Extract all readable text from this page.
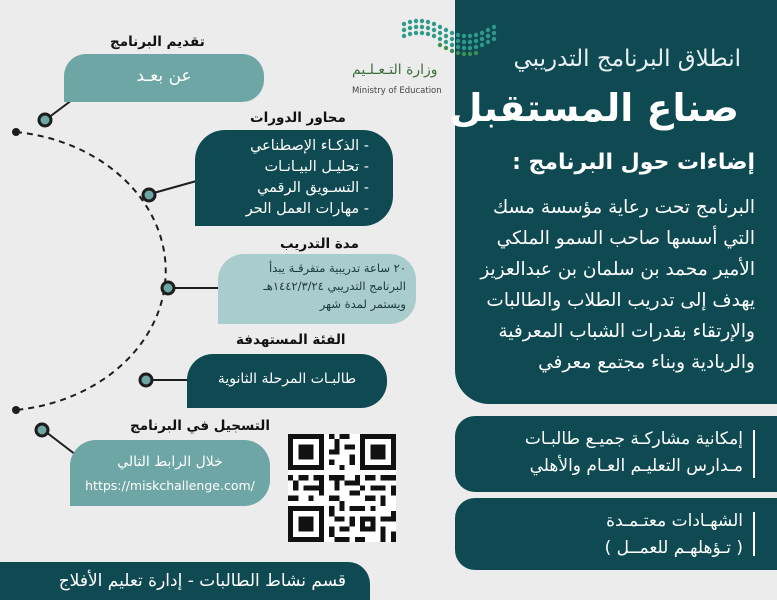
انطلاق البرنامج التدريبي
صناع المستقبل
إضاءات حول البرنامج :
البرنامج تحت رعاية مؤسسة مسك
التي أسسها صاحب السمو الملكي
الأمير محمد بن سلمان بن عبدالعزيز
يهدف إلى تدريب الطلاب والطالبات
والإرتقاء بقدرات الشباب المعرفية
والريادية وبناء مجتمع معرفي
إمكانية مشاركـة جميـع طالبـات
مـدارس التعليـم العـام والأهلي
الشهـادات معتـمـدة
( تـؤهلهـم للعمــل )
وزارة التـعـلـيم
Ministry of Education
تقديم البرنامج
عن بعـد
محاور الدورات
- الذكـاء الإصطناعي
- تحليـل البيـانـات
- التسـويق الرقمي
- مهارات العمل الحر
مدة التدريب
٢٠ ساعة تدريبية متفرقـة يبدأ
البرنامج التدريبي ١٤٤٢/٣/٢٤هـ
ويستمر لمدة شهر
الفئة المستهدفة
طالبـات المرحلة الثانوية
التسجيل في البرنامج
خلال الرابط التالي
https://miskchallenge.com/
قسم نشاط الطالبات - إدارة تعليم الأفلاج
